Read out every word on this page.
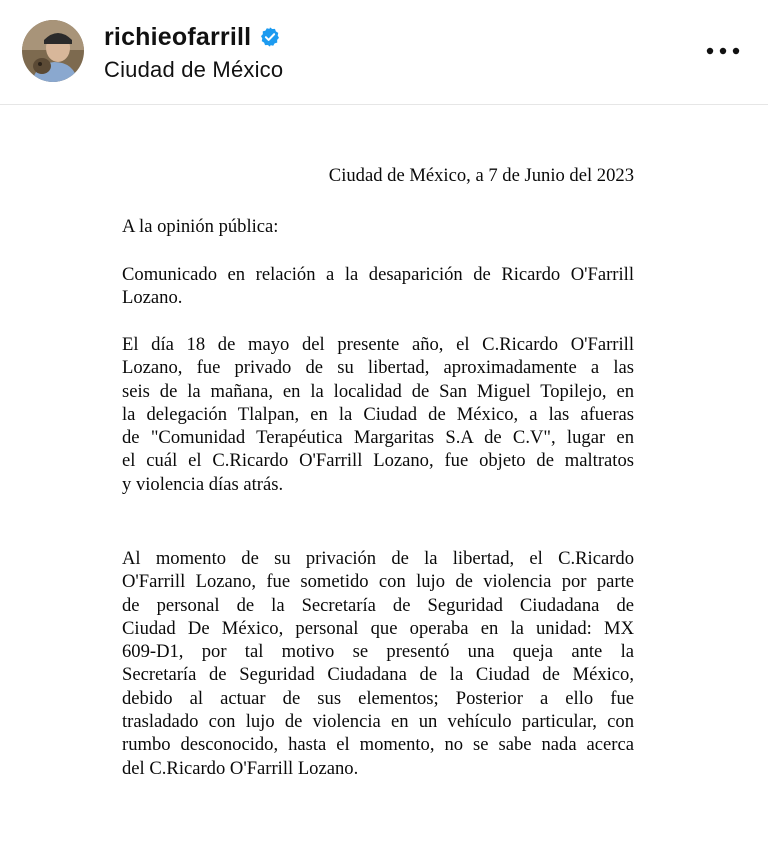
richieofarrill
Ciudad de México
Ciudad de México, a 7 de Junio del 2023
A la opinión pública:
Comunicado en relación a la desaparición de Ricardo O'Farrill
Lozano.
El día 18 de mayo del presente año, el C.Ricardo O'Farrill
Lozano, fue privado de su libertad, aproximadamente a las
seis de la mañana, en la localidad de San Miguel Topilejo, en
la delegación Tlalpan, en la Ciudad de México, a las afueras
de "Comunidad Terapéutica Margaritas S.A de C.V", lugar en
el cuál el C.Ricardo O'Farrill Lozano, fue objeto de maltratos
y violencia días atrás.
Al momento de su privación de la libertad, el C.Ricardo
O'Farrill Lozano, fue sometido con lujo de violencia por parte
de personal de la Secretaría de Seguridad Ciudadana de
Ciudad De México, personal que operaba en la unidad: MX
609-D1, por tal motivo se presentó una queja ante la
Secretaría de Seguridad Ciudadana de la Ciudad de México,
debido al actuar de sus elementos; Posterior a ello fue
trasladado con lujo de violencia en un vehículo particular, con
rumbo desconocido, hasta el momento, no se sabe nada acerca
del C.Ricardo O'Farrill Lozano.
